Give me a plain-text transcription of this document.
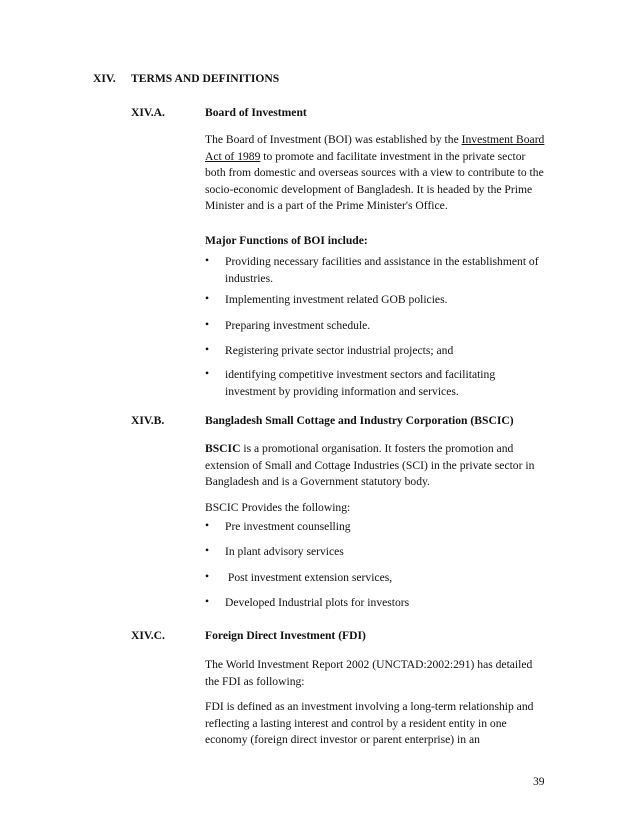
XIV. TERMS AND DEFINITIONS
XIV.A.	Board of Investment

The Board of Investment (BOI) was established by the Investment Board Act of 1989 to promote and facilitate investment in the private sector both from domestic and overseas sources with a view to contribute to the socio-economic development of Bangladesh. It is headed by the Prime Minister and is a part of the Prime Minister's Office.

Major Functions of BOI include:
• Providing necessary facilities and assistance in the establishment of industries.
• Implementing investment related GOB policies.
• Preparing investment schedule.
• Registering private sector industrial projects; and
• identifying competitive investment sectors and facilitating investment by providing information and services.
XIV.B.	Bangladesh Small Cottage and Industry Corporation (BSCIC)

BSCIC is a promotional organisation. It fosters the promotion and extension of Small and Cottage Industries (SCI) in the private sector in Bangladesh and is a Government statutory body.

BSCIC Provides the following:
• Pre investment counselling
• In plant advisory services
• Post investment extension services,
• Developed Industrial plots for investors
XIV.C.	Foreign Direct Investment (FDI)

The World Investment Report 2002 (UNCTAD:2002:291) has detailed the FDI as following:

FDI is defined as an investment involving a long-term relationship and reflecting a lasting interest and control by a resident entity in one economy (foreign direct investor or parent enterprise) in an

39
